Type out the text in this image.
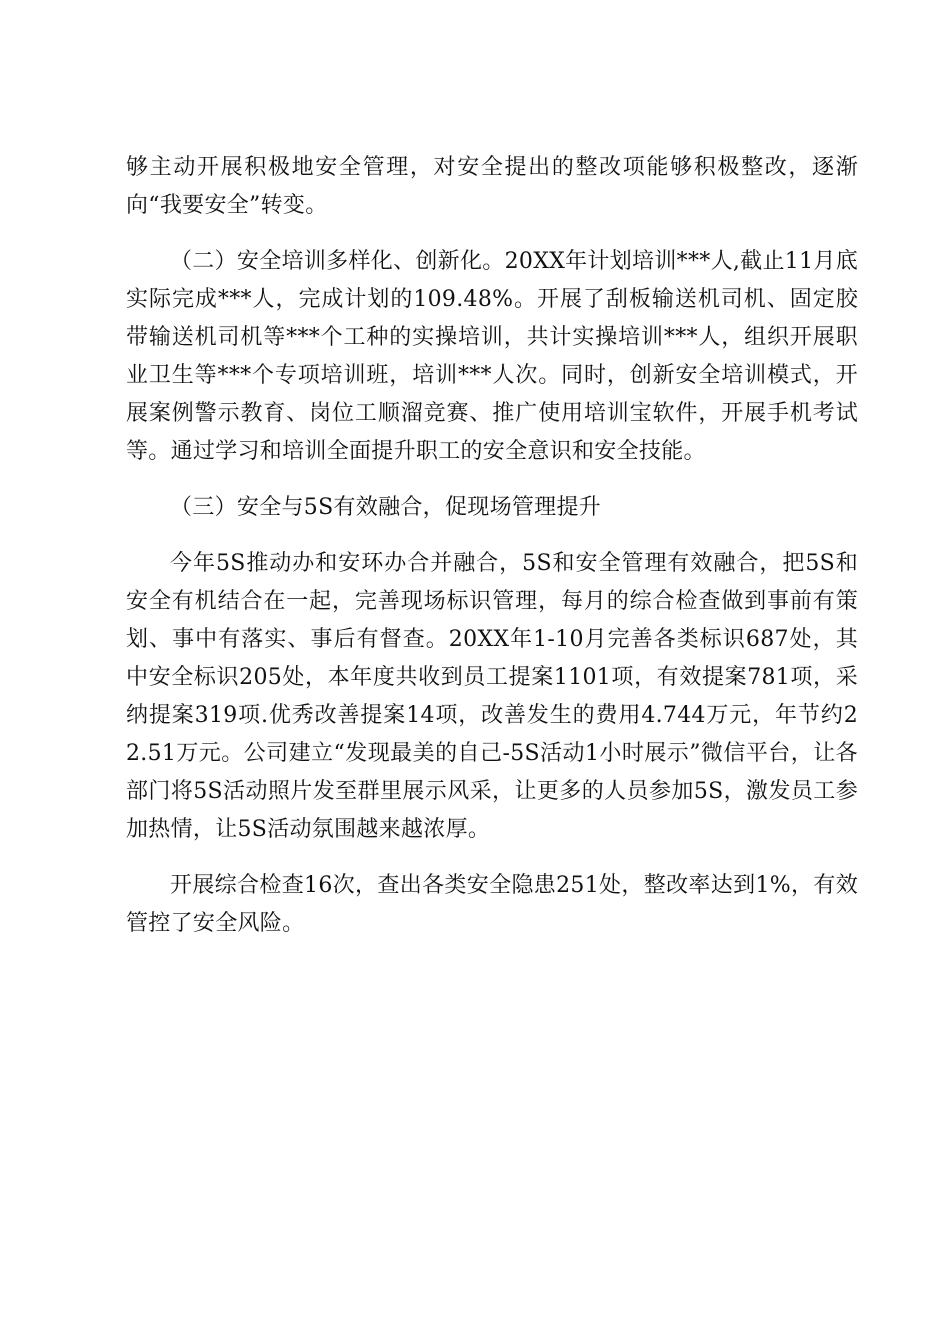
够主动开展积极地安全管理，对安全提出的整改项能够积极整改，逐渐向“我要安全”转变。

（二）安全培训多样化、创新化。20XX年计划培训***人,截止11月底实际完成***人，完成计划的109.48%。开展了刮板输送机司机、固定胶带输送机司机等***个工种的实操培训，共计实操培训***人，组织开展职业卫生等***个专项培训班，培训***人次。同时，创新安全培训模式，开展案例警示教育、岗位工顺溜竞赛、推广使用培训宝软件，开展手机考试等。通过学习和培训全面提升职工的安全意识和安全技能。

（三）安全与5S有效融合，促现场管理提升

今年5S推动办和安环办合并融合，5S和安全管理有效融合，把5S和安全有机结合在一起，完善现场标识管理，每月的综合检查做到事前有策划、事中有落实、事后有督查。20XX年1-10月完善各类标识687处，其中安全标识205处，本年度共收到员工提案1101项，有效提案781项，采纳提案319项.优秀改善提案14项，改善发生的费用4.744万元，年节约22.51万元。公司建立“发现最美的自己-5S活动1小时展示”微信平台，让各部门将5S活动照片发至群里展示风采，让更多的人员参加5S，激发员工参加热情，让5S活动氛围越来越浓厚。

开展综合检查16次，查出各类安全隐患251处，整改率达到1%，有效管控了安全风险。
